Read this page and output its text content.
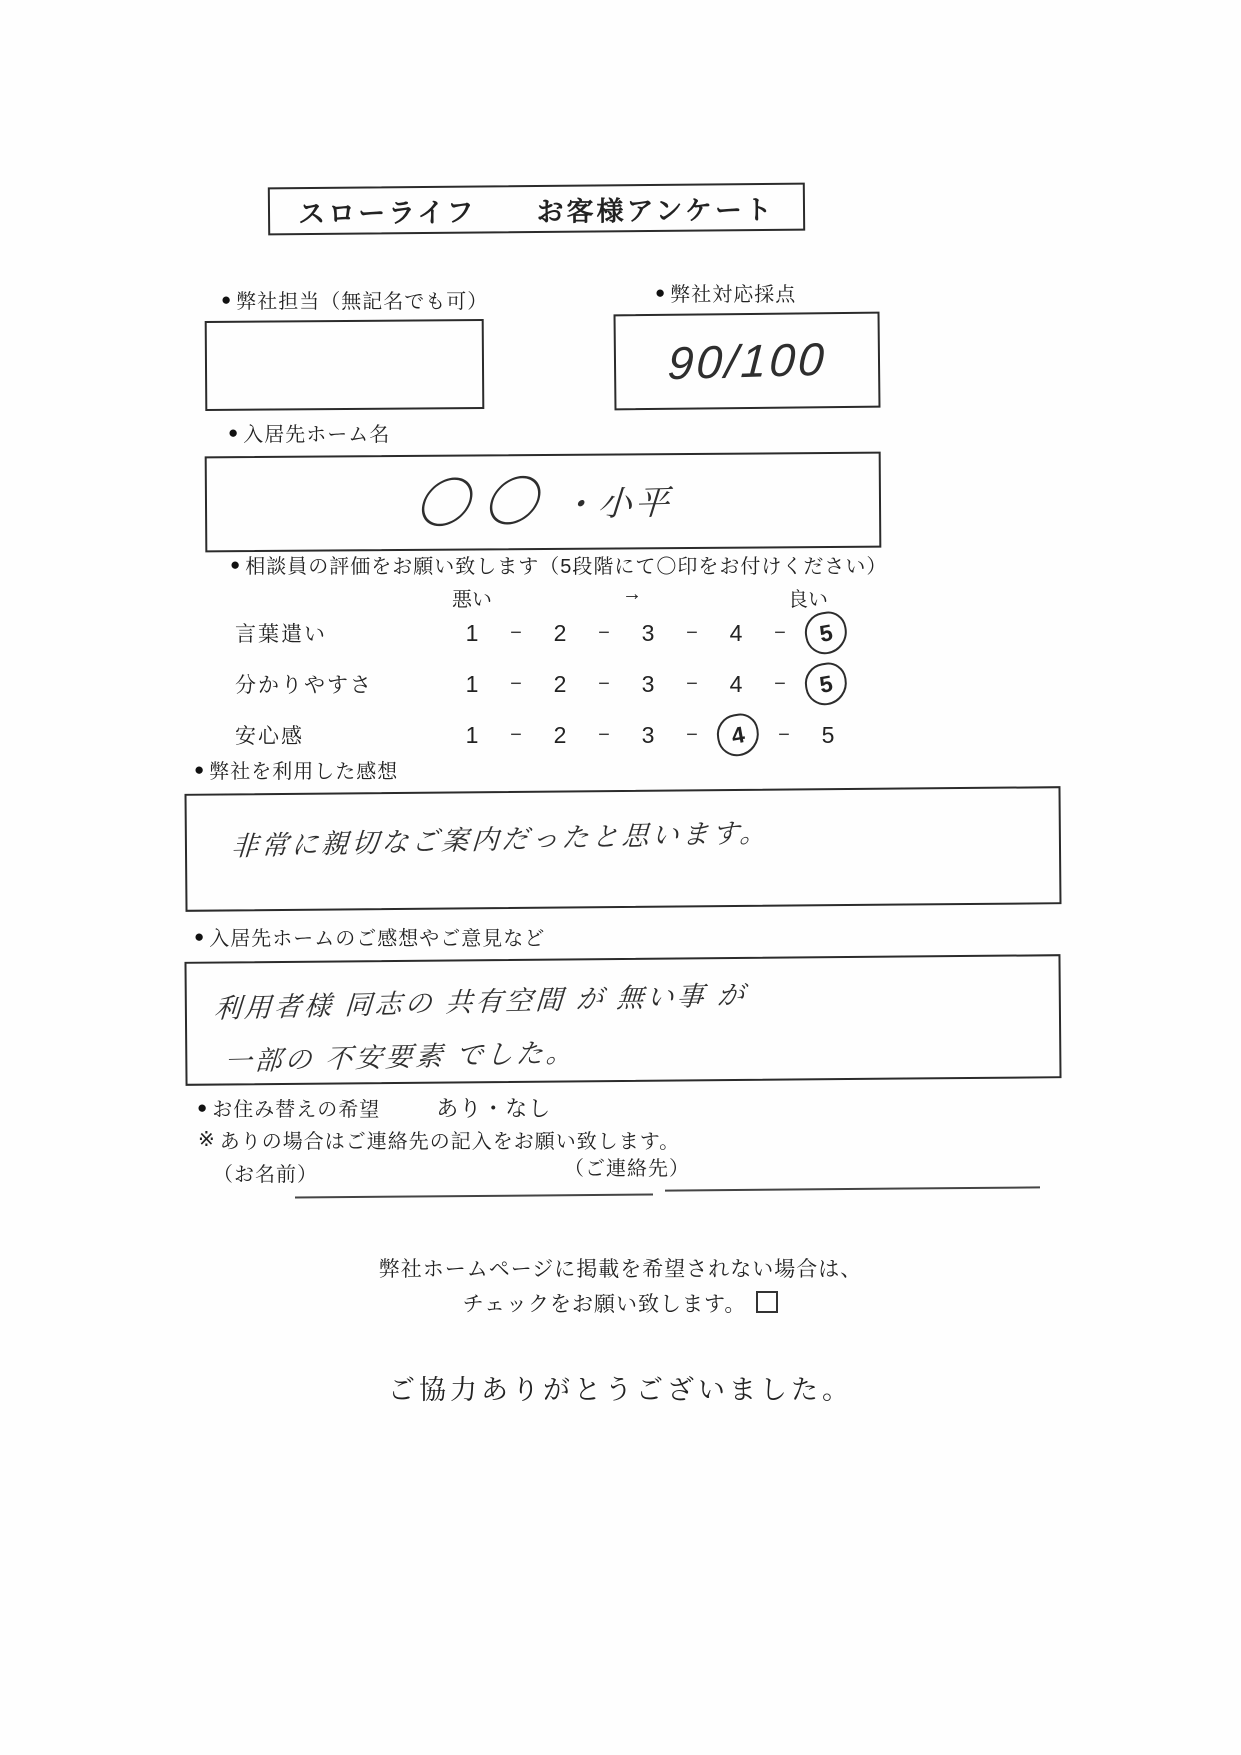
スローライフ　　お客様アンケート
● 弊社担当（無記名でも可）	● 弊社対応採点
90/100
● 入居先ホーム名
〇〇 ・小平
● 相談員の評価をお願い致します（5段階にて〇印をお付けください）
悪い	→	良い
言葉遣い	1	−	2	−	3	−	4	−	5
分かりやすさ	1	−	2	−	3	−	4	−	5
安心感	1	−	2	−	3	−	4	−	5
● 弊社を利用した感想
非常に親切なご案内だったと思います。
● 入居先ホームのご感想やご意見など
利用者様 同志の 共有空間 が 無い事 が
一部の 不安要素 でした。
● お住み替えの希望	あり・なし
※ ありの場合はご連絡先の記入をお願い致します。
（お名前）	（ご連絡先）
弊社ホームページに掲載を希望されない場合は、
チェックをお願い致します。
ご協力ありがとうございました。
